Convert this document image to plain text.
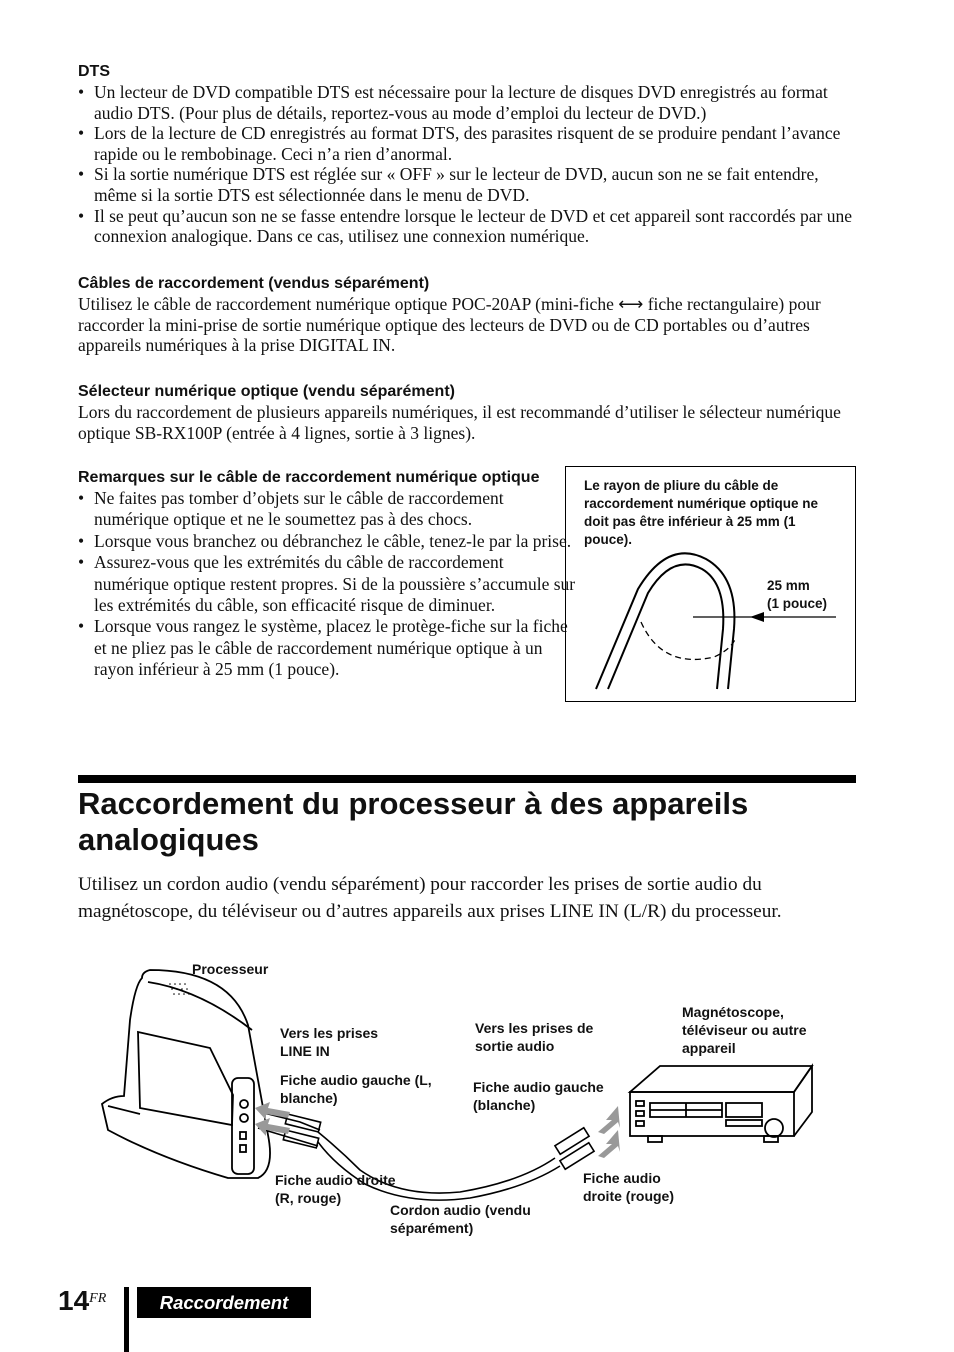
DTS
• Un lecteur de DVD compatible DTS est nécessaire pour la lecture de disques DVD enregistrés au format audio DTS. (Pour plus de détails, reportez-vous au mode d’emploi du lecteur de DVD.)
• Lors de la lecture de CD enregistrés au format DTS, des parasites risquent de se produire pendant l’avance rapide ou le rembobinage. Ceci n’a rien d’anormal.
• Si la sortie numérique DTS est réglée sur « OFF » sur le lecteur de DVD, aucun son ne se fait entendre, même si la sortie DTS est sélectionnée dans le menu de DVD.
• Il se peut qu’aucun son ne se fasse entendre lorsque le lecteur de DVD et cet appareil sont raccordés par une connexion analogique. Dans ce cas, utilisez une connexion numérique.
Câbles de raccordement (vendus séparément)

Utilisez le câble de raccordement numérique optique POC-20AP (mini-fiche ⟷ fiche rectangulaire) pour raccorder la mini-prise de sortie numérique optique des lecteurs de DVD ou de CD portables ou d’autres appareils numériques à la prise DIGITAL IN.

Sélecteur numérique optique (vendu séparément)

Lors du raccordement de plusieurs appareils numériques, il est recommandé d’utiliser le sélecteur numérique optique SB-RX100P (entrée à 4 lignes, sortie à 3 lignes).

Remarques sur le câble de raccordement numérique optique
• Ne faites pas tomber d’objets sur le câble de raccordement numérique optique et ne le soumettez pas à des chocs.
• Lorsque vous branchez ou débranchez le câble, tenez-le par la prise.
• Assurez-vous que les extrémités du câble de raccordement numérique optique restent propres. Si de la poussière s’accumule sur les extrémités du câble, son efficacité risque de diminuer.
• Lorsque vous rangez le système, placez le protège-fiche sur la fiche et ne pliez pas le câble de raccordement numérique optique à un rayon inférieur à 25 mm (1 pouce).
Le rayon de pliure du câble de raccordement numérique optique ne doit pas être inférieur à 25 mm (1 pouce).
25 mm
(1 pouce)
Raccordement du processeur à des appareils analogiques

Utilisez un cordon audio (vendu séparément) pour raccorder les prises de sortie audio du magnétoscope, du téléviseur ou d’autres appareils aux prises LINE IN (L/R) du processeur.

Processeur
Vers les prises LINE IN
Fiche audio gauche (L, blanche)
Fiche audio droite (R, rouge)
Cordon audio (vendu séparément)
Vers les prises de sortie audio
Fiche audio gauche (blanche)
Fiche audio droite (rouge)
Magnétoscope, téléviseur ou autre appareil
$14^{FR}$	Raccordement
